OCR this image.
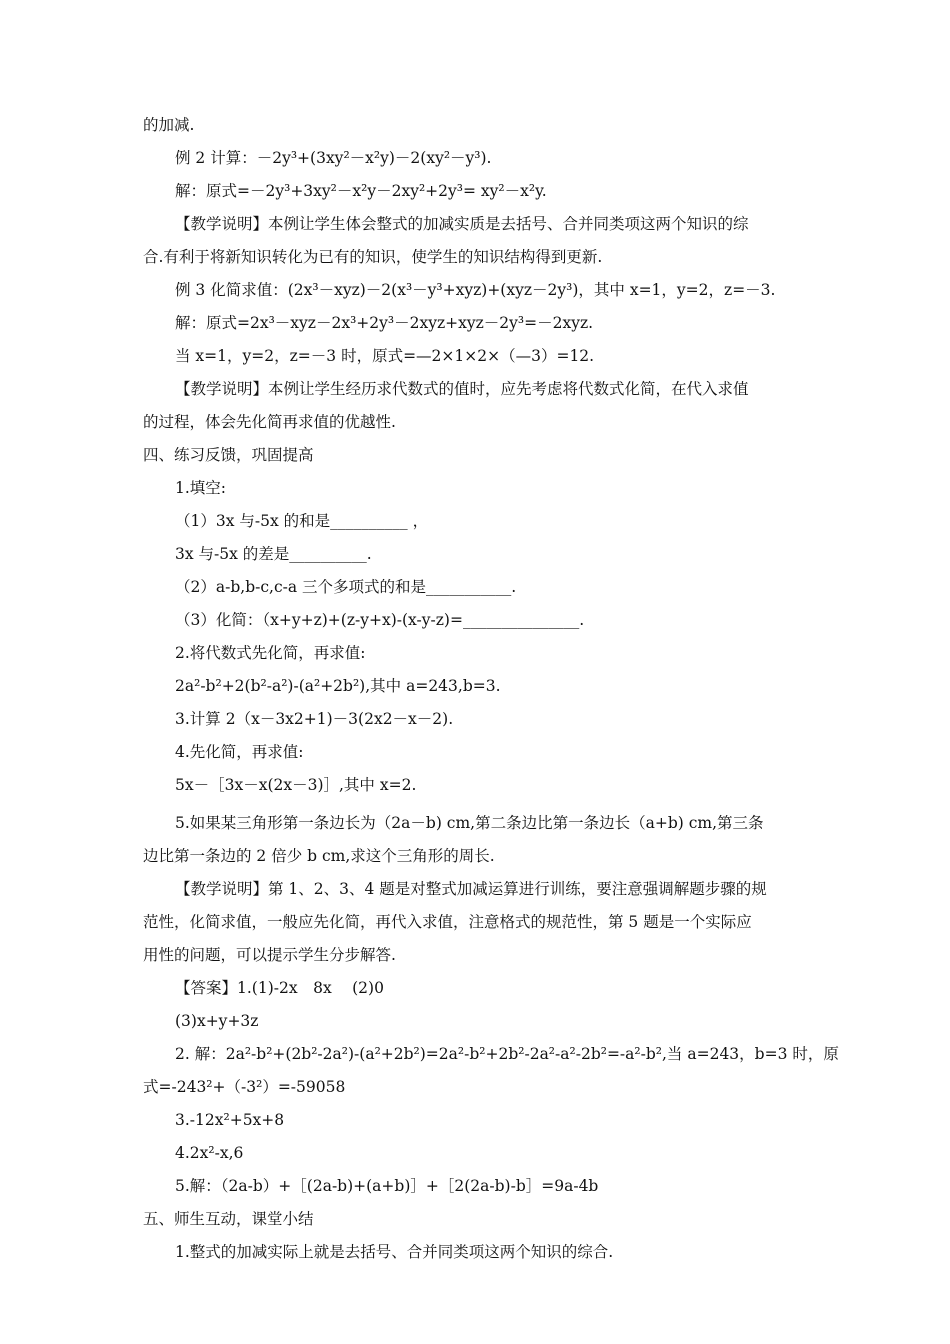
的加减.
例 2 计算：－2y³+(3xy²－x²y)－2(xy²－y³).
解：原式=－2y³+3xy²－x²y－2xy²+2y³= xy²－x²y.
【教学说明】本例让学生体会整式的加减实质是去括号、合并同类项这两个知识的综
合.有利于将新知识转化为已有的知识，使学生的知识结构得到更新.
例 3 化简求值：(2x³－xyz)－2(x³－y³+xyz)+(xyz－2y³)，其中 x=1，y=2，z=－3.
解：原式=2x³－xyz－2x³+2y³－2xyz+xyz－2y³=－2xyz.
当 x=1，y=2，z=－3 时，原式=—2×1×2×（—3）=12.
【教学说明】本例让学生经历求代数式的值时，应先考虑将代数式化简，在代入求值
的过程，体会先化简再求值的优越性.
四、练习反馈，巩固提高
1.填空:
（1）3x 与-5x 的和是__________ ，
3x 与-5x 的差是__________.
（2）a-b,b-c,c-a 三个多项式的和是___________.
（3）化简：（x+y+z)+(z-y+x)-(x-y-z)=_______________.
2.将代数式先化简，再求值:
2a²-b²+2(b²-a²)-(a²+2b²),其中 a=243,b=3.
3.计算 2（x－3x2+1)－3(2x2－x－2).
4.先化简，再求值:
5x－［3x－x(2x－3)］,其中 x=2.
5.如果某三角形第一条边长为（2a－b) cm,第二条边比第一条边长（a+b) cm,第三条
边比第一条边的 2 倍少 b cm,求这个三角形的周长.
【教学说明】第 1、2、3、4 题是对整式加减运算进行训练，要注意强调解题步骤的规
范性，化简求值，一般应先化简，再代入求值，注意格式的规范性，第 5 题是一个实际应
用性的问题，可以提示学生分步解答.
【答案】1.(1)-2x　8x　 (2)0
(3)x+y+3z
2. 解：2a²-b²+(2b²-2a²)-(a²+2b²)=2a²-b²+2b²-2a²-a²-2b²=-a²-b²,当 a=243，b=3 时，原
式=-243²+（-3²）=-59058
3.-12x²+5x+8
4.2x²-x,6
5.解：（2a-b）+［(2a-b)+(a+b)］+［2(2a-b)-b］=9a-4b
五、师生互动，课堂小结
1.整式的加减实际上就是去括号、合并同类项这两个知识的综合.
